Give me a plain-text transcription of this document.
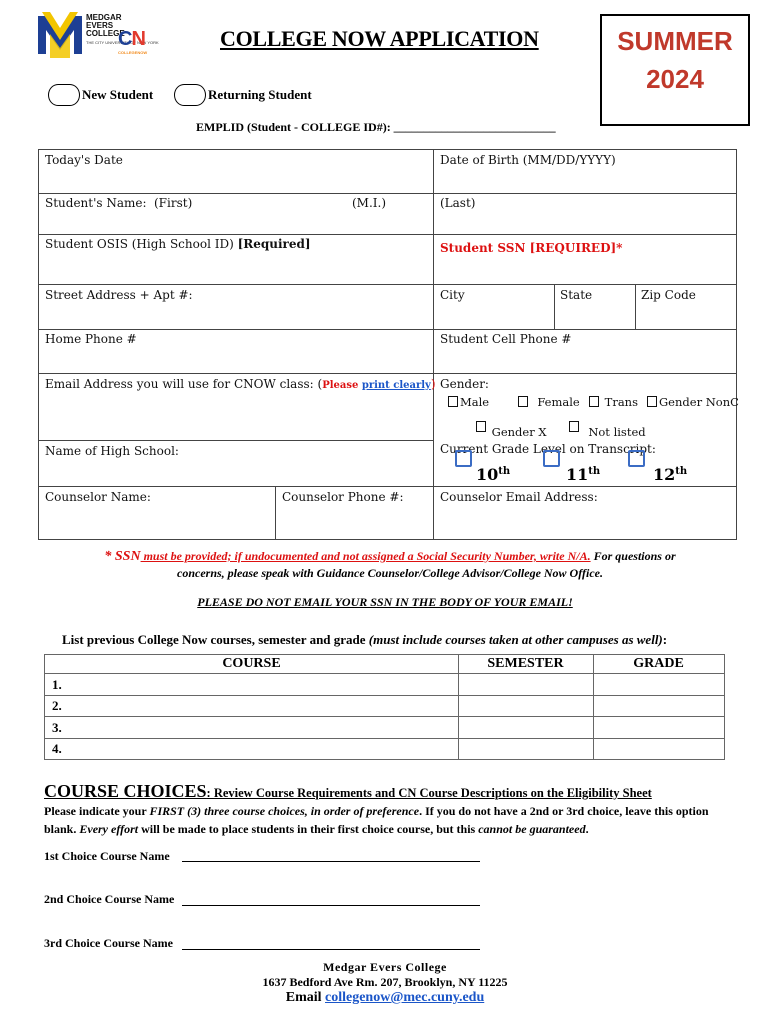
MEDGAR
EVERS
COLLEGE
THE CITY UNIVERSITY OF NEW YORK
CN
COLLEGENOW
COLLEGE NOW APPLICATION	SUMMER
2024
New Student	Returning Student
EMPLID (Student - COLLEGE ID#): ___________________________
Today's Date	Date of Birth (MM/DD/YYYY)
Student's Name: (First)	(M.I.)	(Last)
Student OSIS (High School ID) [Required]	Student SSN [REQUIRED]*
Street Address + Apt #:	City	State	Zip Code
Home Phone #	Student Cell Phone #
Email Address you will use for CNOW class: (Please print clearly) Gender:
Male	Female	Trans	Gender NonC
Gender X	Not listed
Name of High School:	Current Grade Level on Transcript:
10th	11th	12th
Counselor Name:	Counselor Phone #:	Counselor Email Address:
* SSN must be provided; if undocumented and not assigned a Social Security Number, write N/A. For questions or
concerns, please speak with Guidance Counselor/College Advisor/College Now Office.
PLEASE DO NOT EMAIL YOUR SSN IN THE BODY OF YOUR EMAIL!
List previous College Now courses, semester and grade (must include courses taken at other campuses as well):
COURSE	SEMESTER	GRADE
1.
2.
3.
4.
COURSE CHOICES: Review Course Requirements and CN Course Descriptions on the Eligibility Sheet
Please indicate your FIRST (3) three course choices, in order of preference. If you do not have a 2nd or 3rd choice, leave this option blank. Every effort will be made to place students in their first choice course, but this cannot be guaranteed.
1st Choice Course Name
2nd Choice Course Name
3rd Choice Course Name
Medgar Evers College
1637 Bedford Ave Rm. 207, Brooklyn, NY 11225
Email collegenow@mec.cuny.edu
